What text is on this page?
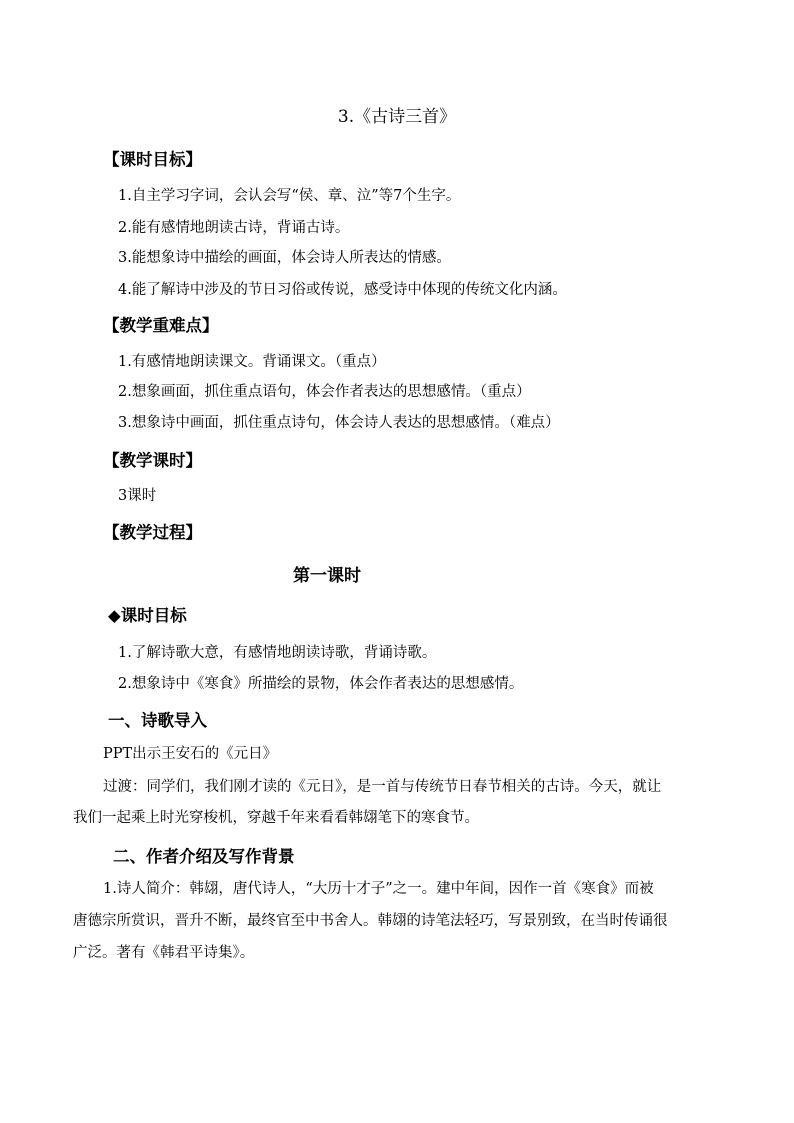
3.《古诗三首》
【课时目标】
1.自主学习字词，会认会写“侯、章、泣”等7个生字。
2.能有感情地朗读古诗，背诵古诗。
3.能想象诗中描绘的画面，体会诗人所表达的情感。
4.能了解诗中涉及的节日习俗或传说，感受诗中体现的传统文化内涵。
【教学重难点】
1.有感情地朗读课文。背诵课文。（重点）
2.想象画面，抓住重点语句，体会作者表达的思想感情。（重点）
3.想象诗中画面，抓住重点诗句，体会诗人表达的思想感情。（难点）
【教学课时】
3课时
【教学过程】
第一课时
◆课时目标
1.了解诗歌大意，有感情地朗读诗歌，背诵诗歌。
2.想象诗中《寒食》所描绘的景物，体会作者表达的思想感情。
一、诗歌导入
PPT出示王安石的《元日》
过渡：同学们，我们刚才读的《元日》，是一首与传统节日春节相关的古诗。今天，就让
我们一起乘上时光穿梭机，穿越千年来看看韩翃笔下的寒食节。
二、作者介绍及写作背景
1.诗人简介：韩翃，唐代诗人，“大历十才子”之一。建中年间，因作一首《寒食》而被
唐德宗所赏识，晋升不断，最终官至中书舍人。韩翃的诗笔法轻巧，写景别致，在当时传诵很
广泛。著有《韩君平诗集》。
